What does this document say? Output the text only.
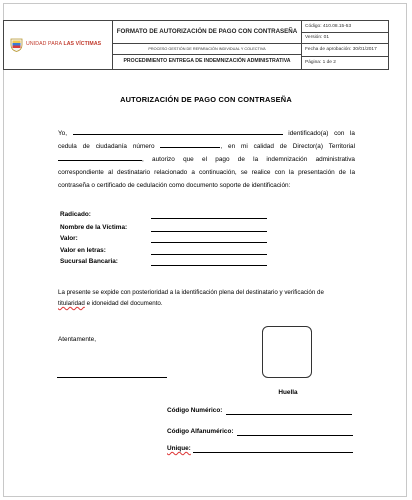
UNIDAD PARA LAS VÍCTIMAS
FORMATO DE AUTORIZACIÓN DE PAGO CON CONTRASEÑA
PROCESO GESTIÓN DE REPARACIÓN INDIVIDUAL Y COLECTIVA
PROCEDIMIENTO ENTREGA DE INDEMNIZACIÓN ADMINISTRATIVA
Código: 410.08.15-53
Versión: 01
Fecha de aprobación: 30/01/2017
Página: 1 de 2
AUTORIZACIÓN DE PAGO CON CONTRASEÑA
Yo,	identificado(a) con la
cedula de ciudadanía número	, en mi calidad de Director(a) Territorial
, autorizo que el pago de la indemnización administrativa
correspondiente al destinatario relacionado a continuación, se realice con la presentación de la
contraseña o certificado de cedulación como documento soporte de identificación:
Radicado:
Nombre de la Víctima:
Valor:
Valor en letras:
Sucursal Bancaria:
La presente se expide con posterioridad a la identificación plena del destinatario y verificación de
titularidad e idoneidad del documento.
Atentamente,
Huella
Código Numérico:
Código Alfanumérico:
Unique:
